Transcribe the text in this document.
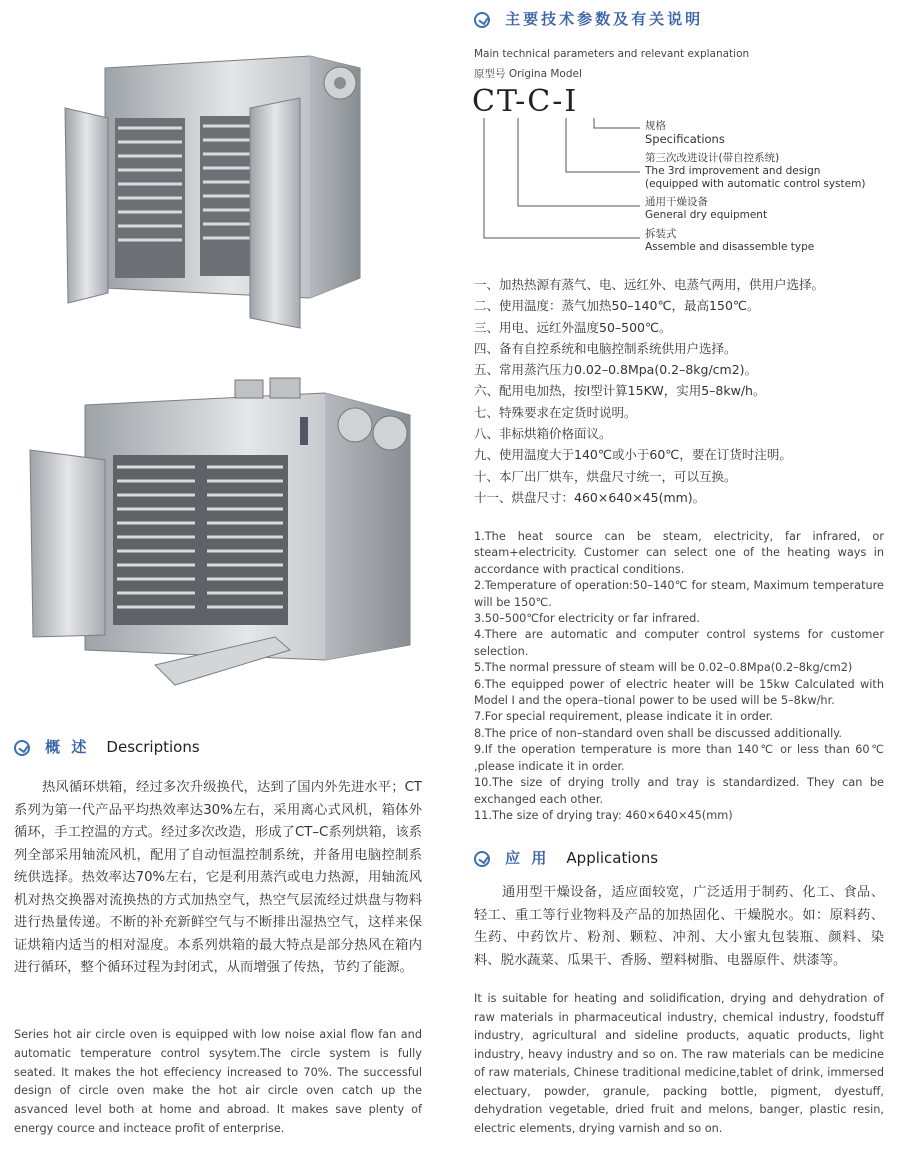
主要技术参数及有关说明
Main technical parameters and relevant explanation
原型号 Origina Model
CT-C-I
规格
Specifications
第三次改进设计(带自控系统)
The 3rd improvement and design
(equipped with automatic control system)
通用干燥设备
General dry equipment
拆装式
Assemble and disassemble type
一、加热热源有蒸气、电、远红外、电蒸气两用，供用户选择。
二、使用温度：蒸气加热50–140℃，最高150℃。
三、用电、远红外温度50–500℃。
四、备有自控系统和电脑控制系统供用户选择。
五、常用蒸汽压力0.02–0.8Mpa(0.2–8kg/cm2)。
六、配用电加热，按I型计算15KW，实用5–8kw/h。
七、特殊要求在定货时说明。
八、非标烘箱价格面议。
九、使用温度大于140℃或小于60℃，要在订货时注明。
十、本厂出厂烘车，烘盘尺寸统一，可以互换。
十一、烘盘尺寸：460×640×45(mm)。
1.The heat source can be steam, electricity, far infrared, or steam+electricity. Customer can select one of the heating ways in accordance with practical conditions.
2.Temperature of operation:50–140℃ for steam, Maximum temperature will be 150℃.
3.50–500℃for electricity or far infrared.
4.There are automatic and computer control systems for customer selection.
5.The normal pressure of steam will be 0.02–0.8Mpa(0.2–8kg/cm2)
6.The equipped power of electric heater will be 15kw Calculated with Model I and the opera–tional power to be used will be 5–8kw/hr.
7.For special requirement, please indicate it in order.
8.The price of non–standard oven shall be discussed additionally.
9.If the operation temperature is more than 140℃ or less than 60℃ ,please indicate it in order.
10.The size of drying trolly and tray is standardized. They can be exchanged each other.
11.The size of drying tray: 460×640×45(mm)
概 述 Descriptions
热风循环烘箱，经过多次升级换代，达到了国内外先进水平；CT系列为第一代产品平均热效率达30%左右，采用离心式风机，箱体外循环，手工控温的方式。经过多次改造，形成了CT–C系列烘箱，该系列全部采用轴流风机，配用了自动恒温控制系统，并备用电脑控制系统供选择。热效率达70%左右，它是利用蒸汽或电力热源，用轴流风机对热交换器对流换热的方式加热空气，热空气层流经过烘盘与物料进行热量传递。不断的补充新鲜空气与不断排出湿热空气，这样来保证烘箱内适当的相对湿度。本系列烘箱的最大特点是部分热风在箱内进行循环，整个循环过程为封闭式，从而增强了传热，节约了能源。
Series hot air circle oven is equipped with low noise axial flow fan and automatic temperature control sysytem.The circle system is fully seated. It makes the hot effeciency increased to 70%. The successful design of circle oven make the hot air circle oven catch up the asvanced level both at home and abroad. It makes save plenty of energy cource and incteace profit of enterprise.
应 用 Applications
通用型干燥设备，适应面较宽，广泛适用于制药、化工、食品、轻工、重工等行业物料及产品的加热固化、干燥脱水。如：原料药、生药、中药饮片、粉剂、颗粒、冲剂、大小蜜丸包装瓶、颜料、染料、脱水蔬菜、瓜果干、香肠、塑料树脂、电器原件、烘漆等。
It is suitable for heating and solidification, drying and dehydration of raw materials in pharmaceutical industry, chemical industry, foodstuff industry, agricultural and sideline products, aquatic products, light industry, heavy industry and so on. The raw materials can be medicine of raw materials, Chinese traditional medicine,tablet of drink, immersed electuary, powder, granule, packing bottle, pigment, dyestuff, dehydration vegetable, dried fruit and melons, banger, plastic resin, electric elements, drying varnish and so on.
